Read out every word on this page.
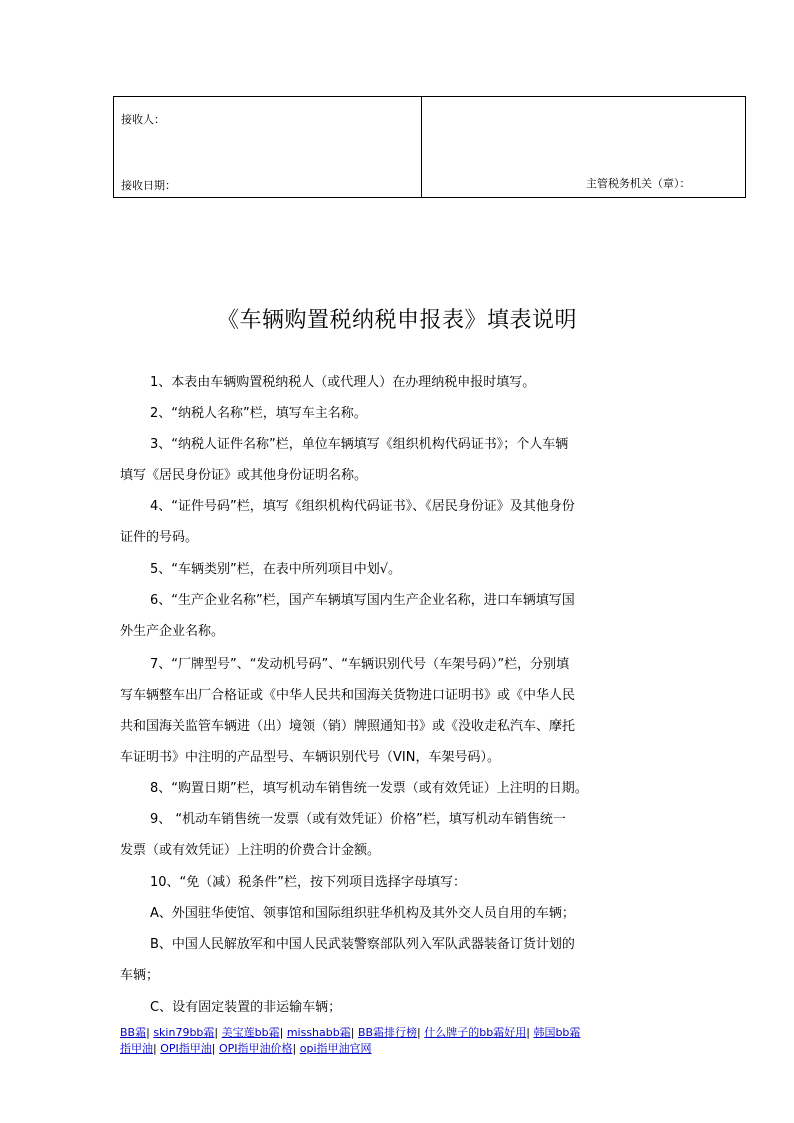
接收人：
接收日期：	主管税务机关（章）：
《车辆购置税纳税申报表》填表说明
1、本表由车辆购置税纳税人（或代理人）在办理纳税申报时填写。
2、“纳税人名称”栏，填写车主名称。
3、“纳税人证件名称”栏，单位车辆填写《组织机构代码证书》；个人车辆
填写《居民身份证》或其他身份证明名称。
4、“证件号码”栏，填写《组织机构代码证书》、《居民身份证》及其他身份
证件的号码。
5、“车辆类别”栏，在表中所列项目中划√。
6、“生产企业名称”栏，国产车辆填写国内生产企业名称，进口车辆填写国
外生产企业名称。
7、“厂牌型号”、“发动机号码”、“车辆识别代号（车架号码）”栏，分别填
写车辆整车出厂合格证或《中华人民共和国海关货物进口证明书》或《中华人民
共和国海关监管车辆进（出）境领（销）牌照通知书》或《没收走私汽车、摩托
车证明书》中注明的产品型号、车辆识别代号（VIN，车架号码）。
8、“购置日期”栏，填写机动车销售统一发票（或有效凭证）上注明的日期。
9、 “机动车销售统一发票（或有效凭证）价格”栏，填写机动车销售统一
发票（或有效凭证）上注明的价费合计金额。
10、“免（减）税条件”栏，按下列项目选择字母填写：
A、外国驻华使馆、领事馆和国际组织驻华机构及其外交人员自用的车辆；
B、中国人民解放军和中国人民武装警察部队列入军队武器装备订货计划的
车辆；
C、设有固定装置的非运输车辆；
BB霜| skin79bb霜| 美宝莲bb霜| misshabb霜| BB霜排行榜| 什么牌子的bb霜好用| 韩国bb霜
指甲油| OPI指甲油| OPI指甲油价格| opi指甲油官网
